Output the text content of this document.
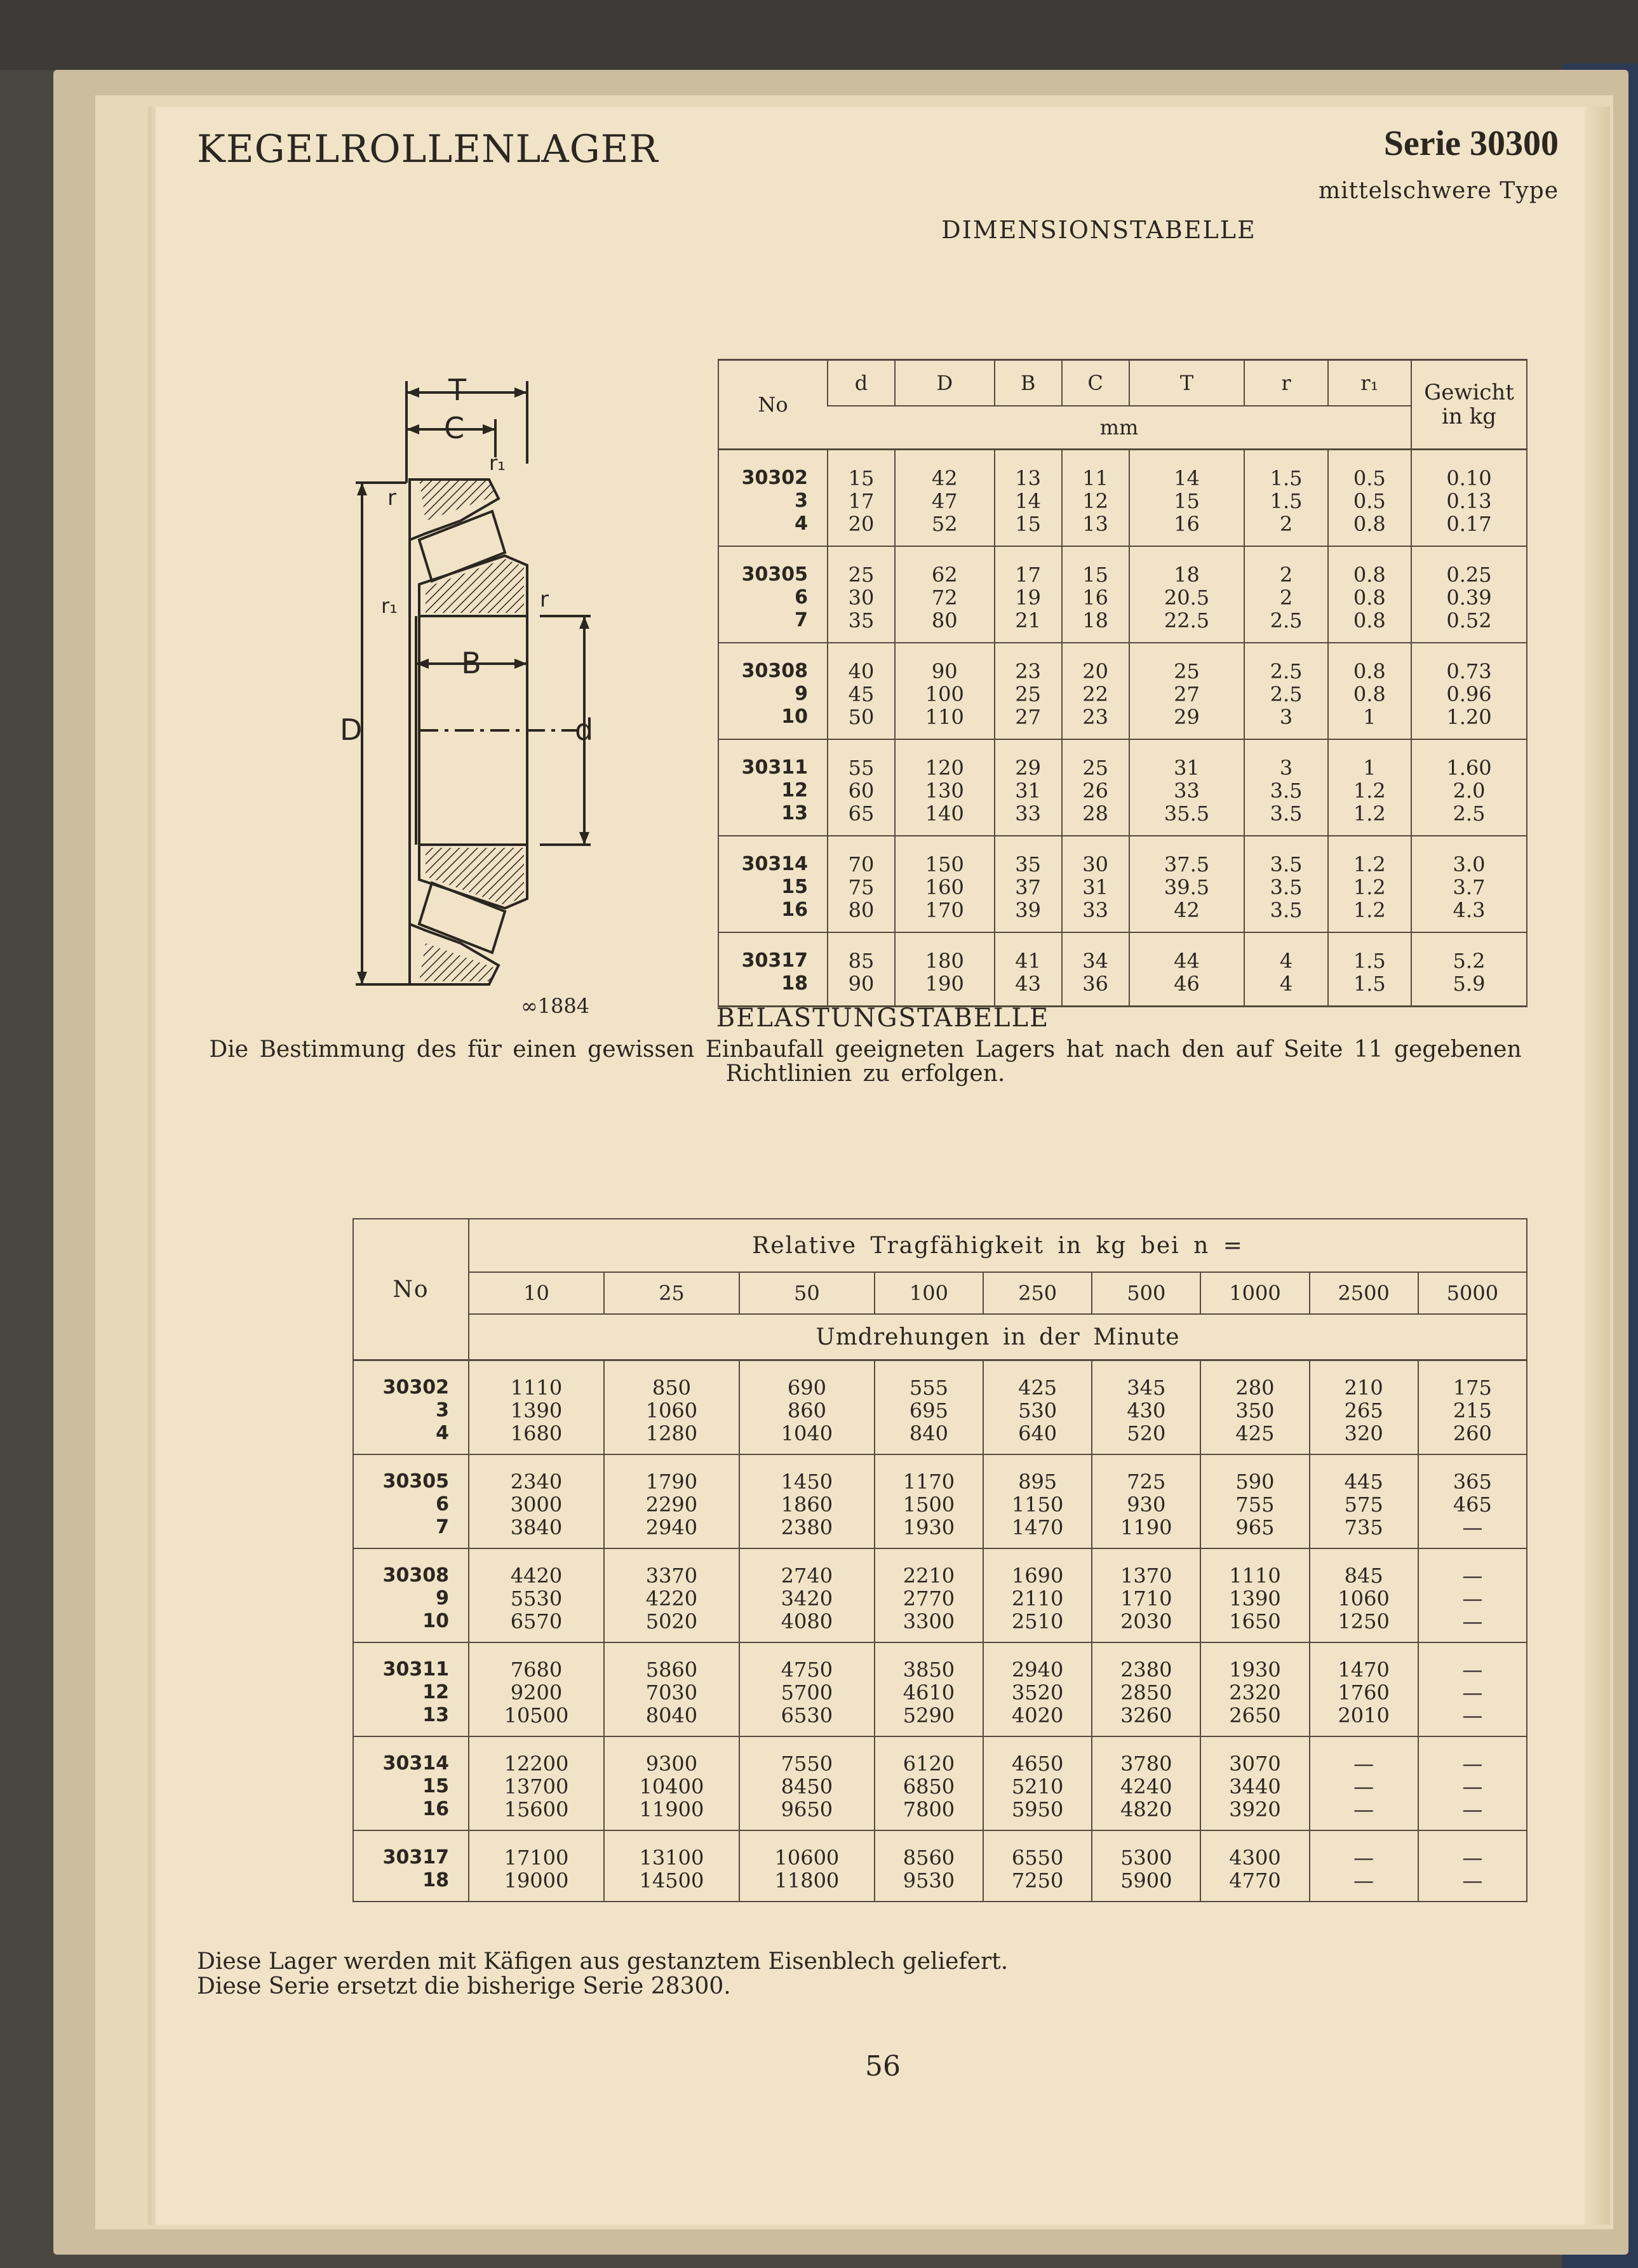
KEGELROLLENLAGER	Serie 30300
mittelschwere Type
T
C
r₁
r
r₁	r
B
D	d
∞1884
DIMENSIONSTABELLE
No	d	D	B	C	T	r	r₁	Gewicht in kg
	mm							
30302	15	42	13	11	14	1.5	0.5	0.10
3	17	47	14	12	15	1.5	0.5	0.13
4	20	52	15	13	16	2	0.8	0.17
30305	25	62	17	15	18	2	0.8	0.25
6	30	72	19	16	20.5	2	0.8	0.39
7	35	80	21	18	22.5	2.5	0.8	0.52
30308	40	90	23	20	25	2.5	0.8	0.73
9	45	100	25	22	27	2.5	0.8	0.96
10	50	110	27	23	29	3	1	1.20
30311	55	120	29	25	31	3	1	1.60
12	60	130	31	26	33	3.5	1.2	2.0
13	65	140	33	28	35.5	3.5	1.2	2.5
30314	70	150	35	30	37.5	3.5	1.2	3.0
15	75	160	37	31	39.5	3.5	1.2	3.7
16	80	170	39	33	42	3.5	1.2	4.3
30317	85	180	41	34	44	4	1.5	5.2
18	90	190	43	36	46	4	1.5	5.9
BELASTUNGSTABELLE
Die Bestimmung des für einen gewissen Einbaufall geeigneten Lagers hat nach den auf Seite 11 gegebenen Richtlinien zu erfolgen.
No	Relative Tragfähigkeit in kg bei n =								
	10	25	50	100	250	500	1000	2500	5000
	Umdrehungen in der Minute								
30302	1110	850	690	555	425	345	280	210	175
3	1390	1060	860	695	530	430	350	265	215
4	1680	1280	1040	840	640	520	425	320	260
30305	2340	1790	1450	1170	895	725	590	445	365
6	3000	2290	1860	1500	1150	930	755	575	465
7	3840	2940	2380	1930	1470	1190	965	735	—
30308	4420	3370	2740	2210	1690	1370	1110	845	—
9	5530	4220	3420	2770	2110	1710	1390	1060	—
10	6570	5020	4080	3300	2510	2030	1650	1250	—
30311	7680	5860	4750	3850	2940	2380	1930	1470	—
12	9200	7030	5700	4610	3520	2850	2320	1760	—
13	10500	8040	6530	5290	4020	3260	2650	2010	—
30314	12200	9300	7550	6120	4650	3780	3070	—	—
15	13700	10400	8450	6850	5210	4240	3440	—	—
16	15600	11900	9650	7800	5950	4820	3920	—	—
30317	17100	13100	10600	8560	6550	5300	4300	—	—
18	19000	14500	11800	9530	7250	5900	4770	—	—
Diese Lager werden mit Käfigen aus gestanztem Eisenblech geliefert.
Diese Serie ersetzt die bisherige Serie 28300.
56
